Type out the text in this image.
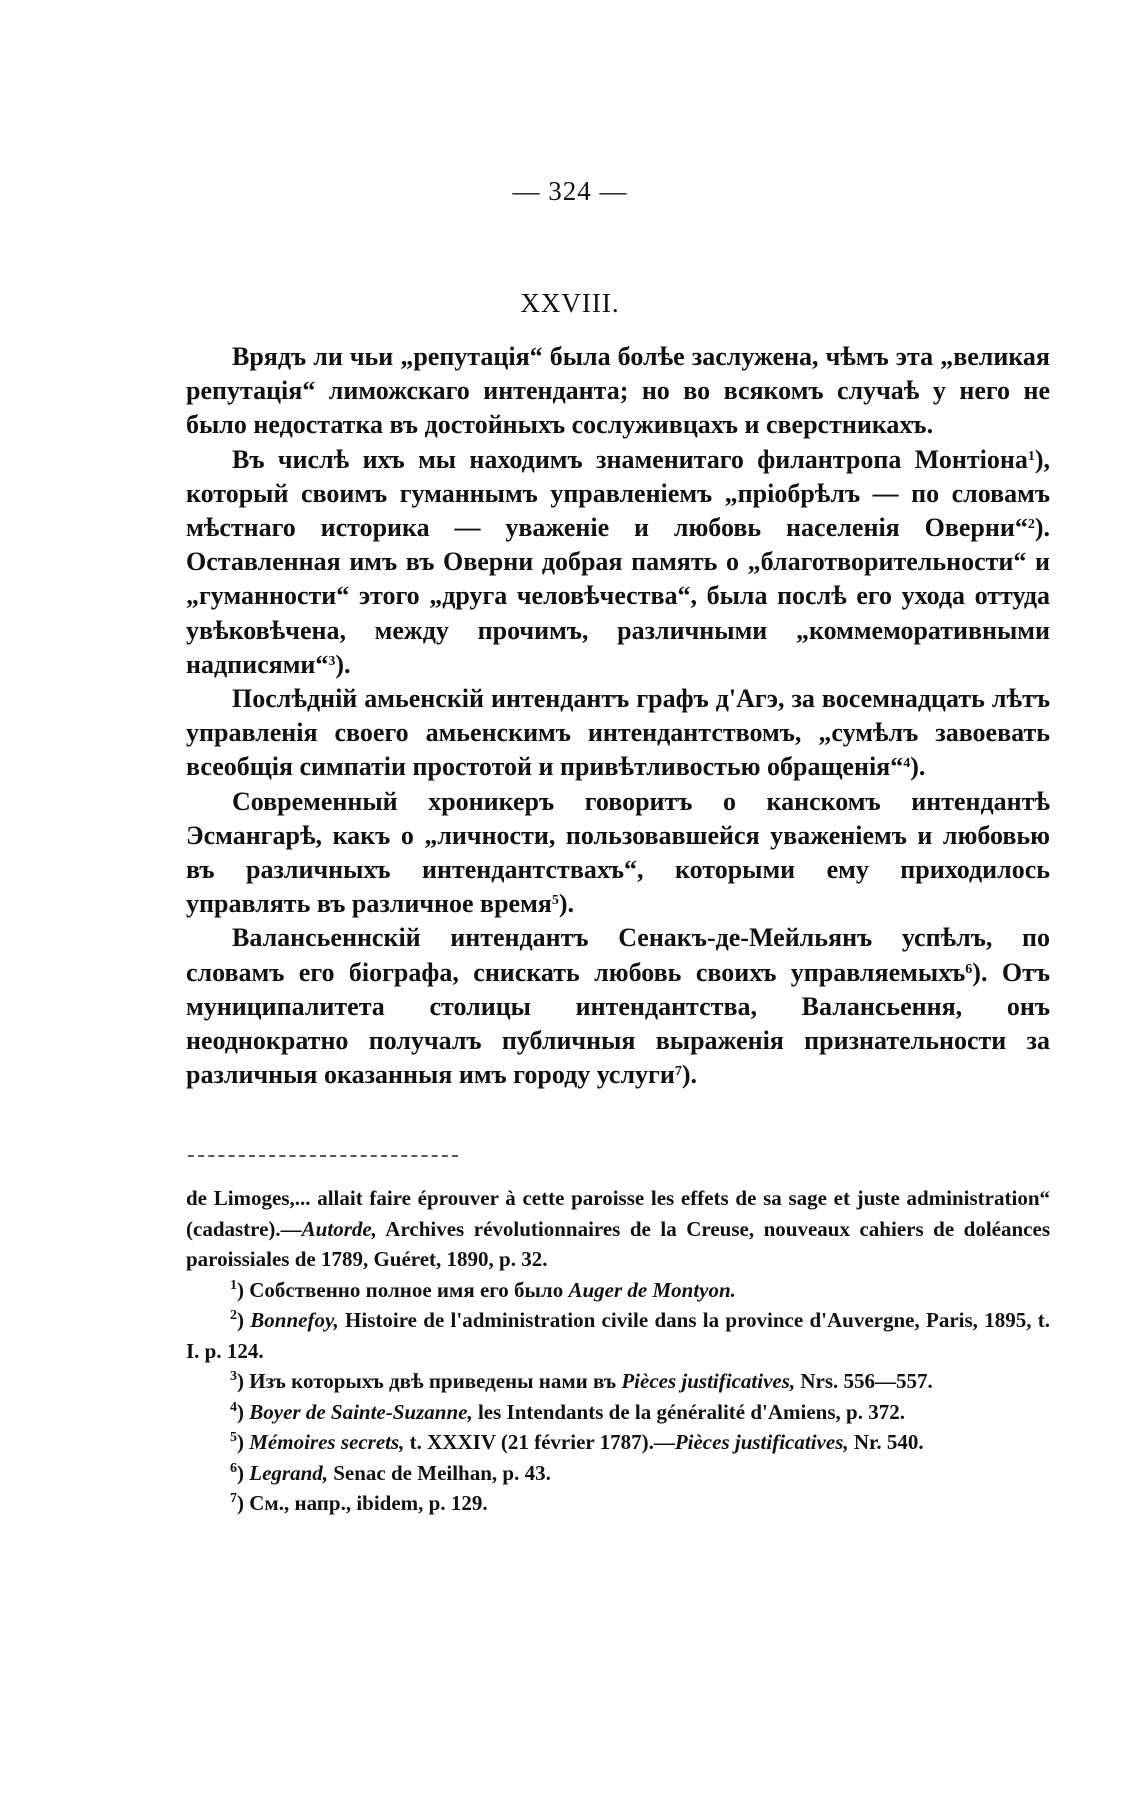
— 324 —
XXVIII.

Врядъ ли чьи „репутація“ была болѣе заслужена, чѣмъ эта „великая репутація“ лиможскаго интенданта; но во всякомъ случаѣ у него не было недостатка въ достойныхъ сослуживцахъ и сверстникахъ.

Въ числѣ ихъ мы находимъ знаменитаго филантропа Монтіона$^1$), который своимъ гуманнымъ управленіемъ „пріобрѣлъ — по словамъ мѣстнаго историка — уваженіе и любовь населенія Оверни“$^2$). Оставленная имъ въ Оверни добрая память о „благотворительности“ и „гуманности“ этого „друга человѣчества“, была послѣ его ухода оттуда увѣковѣчена, между прочимъ, различными „коммеморативными надписями“$^3$).

Послѣдній амьенскій интендантъ графъ д'Агэ, за восемнадцать лѣтъ управленія своего амьенскимъ интендантствомъ, „сумѣлъ завоевать всеобщія симпатіи простотой и привѣтливостью обращенія“$^4$).

Современный хроникеръ говоритъ о канскомъ интендантѣ Эсмангарѣ, какъ о „личности, пользовавшейся уваженіемъ и любовью въ различныхъ интендантствахъ“, которыми ему приходилось управлять въ различное время$^5$).

Валансьеннскій интендантъ Сенакъ-де-Мейльянъ успѣлъ, по словамъ его біографа, снискать любовь своихъ управляемыхъ$^6$). Отъ муниципалитета столицы интендантства, Валансьення, онъ неоднократно получалъ публичныя выраженія признательности за различныя оказанныя имъ городу услуги$^7$).

de Limoges,... allait faire éprouver à cette paroisse les effets de sa sage et juste administration“ (cadastre).—Autorde, Archives révolutionnaires de la Creuse, nouveaux cahiers de doléances paroissiales de 1789, Guéret, 1890, p. 32.

$^1$) Собственно полное имя его было Auger de Montyon.

$^2$) Bonnefoy, Histoire de l'administration civile dans la province d'Auvergne, Paris, 1895, t. I. p. 124.

$^3$) Изъ которыхъ двѣ приведены нами въ Pièces justificatives, Nrs. 556—557.

$^4$) Boyer de Sainte-Suzanne, les Intendants de la généralité d'Amiens, p. 372.

$^5$) Mémoires secrets, t. XXXIV (21 février 1787).—Pièces justificatives, Nr. 540.

$^6$) Legrand, Senac de Meilhan, p. 43.

$^7$) См., напр., ibidem, p. 129.
